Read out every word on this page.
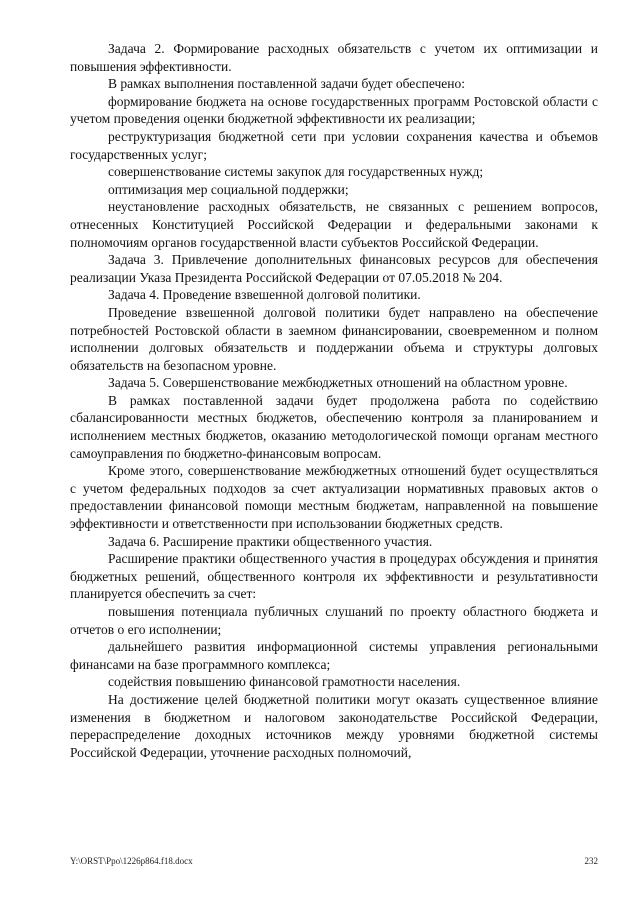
Задача 2. Формирование расходных обязательств с учетом их оптимизации и повышения эффективности.

В рамках выполнения поставленной задачи будет обеспечено:

формирование бюджета на основе государственных программ Ростовской области с учетом проведения оценки бюджетной эффективности их реализации;

реструктуризация бюджетной сети при условии сохранения качества и объемов государственных услуг;

совершенствование системы закупок для государственных нужд;

оптимизация мер социальной поддержки;

неустановление расходных обязательств, не связанных с решением вопросов, отнесенных Конституцией Российской Федерации и федеральными законами к полномочиям органов государственной власти субъектов Российской Федерации.

Задача 3. Привлечение дополнительных финансовых ресурсов для обеспечения реализации Указа Президента Российской Федерации от 07.05.2018 № 204.

Задача 4. Проведение взвешенной долговой политики.

Проведение взвешенной долговой политики будет направлено на обеспечение потребностей Ростовской области в заемном финансировании, своевременном и полном исполнении долговых обязательств и поддержании объема и структуры долговых обязательств на безопасном уровне.

Задача 5. Совершенствование межбюджетных отношений на областном уровне.

В рамках поставленной задачи будет продолжена работа по содействию сбалансированности местных бюджетов, обеспечению контроля за планированием и исполнением местных бюджетов, оказанию методологической помощи органам местного самоуправления по бюджетно-финансовым вопросам.

Кроме этого, совершенствование межбюджетных отношений будет осуществляться с учетом федеральных подходов за счет актуализации нормативных правовых актов о предоставлении финансовой помощи местным бюджетам, направленной на повышение эффективности и ответственности при использовании бюджетных средств.

Задача 6. Расширение практики общественного участия.

Расширение практики общественного участия в процедурах обсуждения и принятия бюджетных решений, общественного контроля их эффективности и результативности планируется обеспечить за счет:

повышения потенциала публичных слушаний по проекту областного бюджета и отчетов о его исполнении;

дальнейшего развития информационной системы управления региональными финансами на базе программного комплекса;

содействия повышению финансовой грамотности населения.

На достижение целей бюджетной политики могут оказать существенное влияние изменения в бюджетном и налоговом законодательстве Российской Федерации, перераспределение доходных источников между уровнями бюджетной системы Российской Федерации, уточнение расходных полномочий,

Y:\ORST\Ppo\1226p864.f18.docx	232
